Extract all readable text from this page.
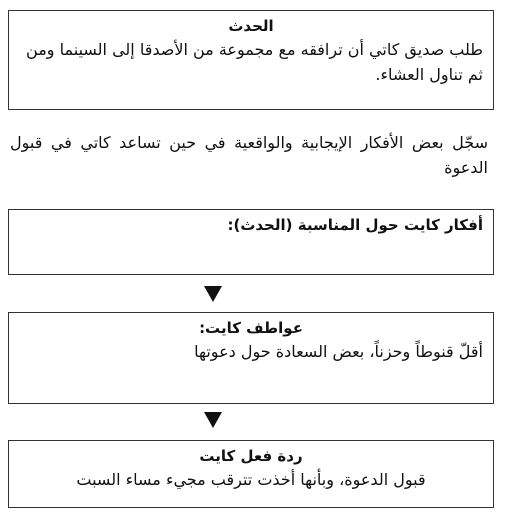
الحدث
طلب صديق كاتي أن ترافقه مع مجموعة من الأصدقا إلى السينما ومن ثم تناول العشاء.
سجّل بعض الأفكار الإيجابية والواقعية في حين تساعد كاتي في قبول الدعوة
أفكار كايت حول المناسبة (الحدث):
عواطف كايت:
أقلّ قنوطاً وحزناً، بعض السعادة حول دعوتها
ردة فعل كايت
قبول الدعوة، وبأنها أخذت تترقب مجيء مساء السبت
